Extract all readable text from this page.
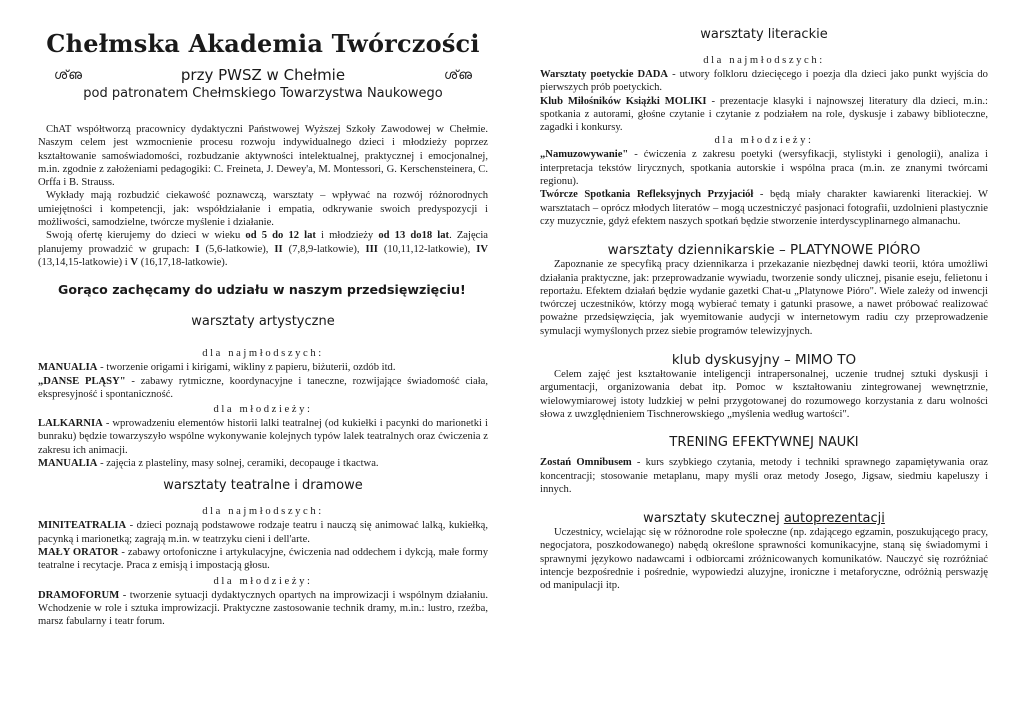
Chełmska Akademia Twórczości
ശ്ഌ	przy PWSZ w Chełmie	ശ്ഌ
pod patronatem Chełmskiego Towarzystwa Naukowego

ChAT współtworzą pracownicy dydaktyczni Państwowej Wyższej Szkoły Zawodowej w Chełmie. Naszym celem jest wzmocnienie procesu rozwoju indywidualnego dzieci i młodzieży poprzez kształtowanie samoświadomości, rozbudzanie aktywności intelektualnej, praktycznej i emocjonalnej, m.in. zgodnie z założeniami pedagogiki: C. Freineta, J. Dewey'a, M. Montessori, G. Kerschensteinera, C. Orffa i B. Strauss.

Wykłady mają rozbudzić ciekawość poznawczą, warsztaty – wpływać na rozwój różnorodnych umiejętności i kompetencji, jak: współdziałanie i empatia, odkrywanie swoich predyspozycji i możliwości, samodzielne, twórcze myślenie i działanie.

Swoją ofertę kierujemy do dzieci w wieku od 5 do 12 lat i młodzieży od 13 do18 lat. Zajęcia planujemy prowadzić w grupach: I (5,6-latkowie), II (7,8,9-latkowie), III (10,11,12-latkowie), IV (13,14,15-latkowie) i V (16,17,18-latkowie).

Gorąco zachęcamy do udziału w naszym przedsięwzięciu!
warsztaty artystyczne
dla najmłodszych:

MANUALIA - tworzenie origami i kirigami, wikliny z papieru, biżuterii, ozdób itd.

„DANSE PLĄSY" - zabawy rytmiczne, koordynacyjne i taneczne, rozwijające świadomość ciała, ekspresyjność i spontaniczność.

dla młodzieży:

LALKARNIA - wprowadzeniu elementów historii lalki teatralnej (od kukiełki i pacynki do marionetki i bunraku) będzie towarzyszyło wspólne wykonywanie kolejnych typów lalek teatralnych oraz ćwiczenia z zakresu ich animacji.

MANUALIA - zajęcia z plasteliny, masy solnej, ceramiki, decopauge i tkactwa.

warsztaty teatralne i dramowe
dla najmłodszych:

MINITEATRALIA - dzieci poznają podstawowe rodzaje teatru i nauczą się animować lalką, kukiełką, pacynką i marionetką; zagrają m.in. w teatrzyku cieni i dell'arte.

MAŁY ORATOR - zabawy ortofoniczne i artykulacyjne, ćwiczenia nad oddechem i dykcją, małe formy teatralne i recytacje. Praca z emisją i impostacją głosu.

dla młodzieży:

DRAMOFORUM - tworzenie sytuacji dydaktycznych opartych na improwizacji i wspólnym działaniu. Wchodzenie w role i sztuka improwizacji. Praktyczne zastosowanie technik dramy, m.in.: lustro, rzeźba, marsz fabularny i teatr forum.

warsztaty literackie
dla najmłodszych:

Warsztaty poetyckie DADA - utwory folkloru dziecięcego i poezja dla dzieci jako punkt wyjścia do pierwszych prób poetyckich.

Klub Miłośników Książki MOLIKI - prezentacje klasyki i najnowszej literatury dla dzieci, m.in.: spotkania z autorami, głośne czytanie i czytanie z podziałem na role, dyskusje i zabawy biblioteczne, zagadki i konkursy.

dla młodzieży:

„Namuzowywanie" - ćwiczenia z zakresu poetyki (wersyfikacji, stylistyki i genologii), analiza i interpretacja tekstów lirycznych, spotkania autorskie i wspólna praca (m.in. ze znanymi twórcami regionu).

Twórcze Spotkania Refleksyjnych Przyjaciół - będą miały charakter kawiarenki literackiej. W warsztatach – oprócz młodych literatów – mogą uczestniczyć pasjonaci fotografii, uzdolnieni plastycznie czy muzycznie, gdyż efektem naszych spotkań będzie stworzenie interdyscyplinarnego almanachu.

warsztaty dziennikarskie – PLATYNOWE PIÓRO

Zapoznanie ze specyfiką pracy dziennikarza i przekazanie niezbędnej dawki teorii, która umożliwi działania praktyczne, jak: przeprowadzanie wywiadu, tworzenie sondy ulicznej, pisanie eseju, felietonu i reportażu. Efektem działań będzie wydanie gazetki Chat-u „Platynowe Pióro". Wiele zależy od inwencji twórczej uczestników, którzy mogą wybierać tematy i gatunki prasowe, a nawet próbować realizować poważne przedsięwzięcia, jak wyemitowanie audycji w internetowym radiu czy przeprowadzenie symulacji wymyślonych przez siebie programów telewizyjnych.

klub dyskusyjny – MIMO TO

Celem zajęć jest kształtowanie inteligencji intrapersonalnej, uczenie trudnej sztuki dyskusji i argumentacji, organizowania debat itp. Pomoc w kształtowaniu zintegrowanej wewnętrznie, wielowymiarowej istoty ludzkiej w pełni przygotowanej do rozumowego korzystania z daru wolności słowa z uwzględnieniem Tischnerowskiego „myślenia według wartości".

TRENING EFEKTYWNEJ NAUKI

Zostań Omnibusem - kurs szybkiego czytania, metody i techniki sprawnego zapamiętywania oraz koncentracji; stosowanie metaplanu, mapy myśli oraz metody Josego, Jigsaw, siedmiu kapeluszy i innych.

warsztaty skutecznej autoprezentacji

Uczestnicy, wcielając się w różnorodne role społeczne (np. zdającego egzamin, poszukującego pracy, negocjatora, poszkodowanego) nabędą określone sprawności komunikacyjne, staną się świadomymi i sprawnymi językowo nadawcami i odbiorcami zróżnicowanych komunikatów. Nauczyć się rozróżniać intencje bezpośrednie i pośrednie, wypowiedzi aluzyjne, ironiczne i metaforyczne, odróżnią perswazję od manipulacji itp.
